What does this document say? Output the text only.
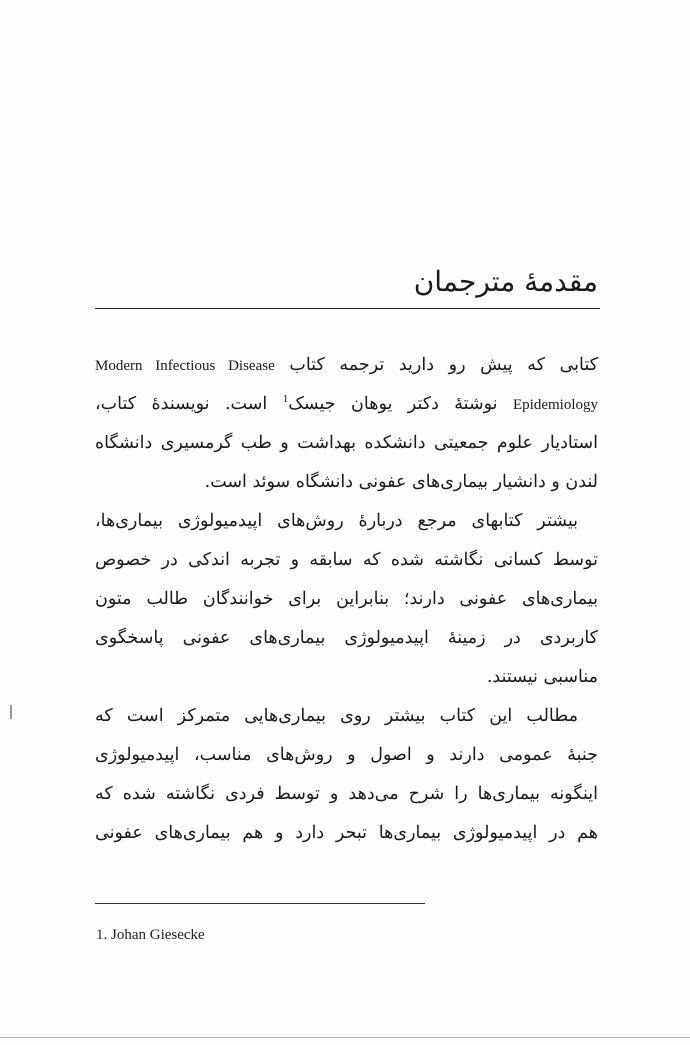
مقدمهٔ مترجمان
کتابی که پیش رو دارید ترجمه کتاب Modern Infectious Disease
Epidemiology نوشتهٔ دکتر یوهان جیسک$^1$ است. نویسندهٔ کتاب،
استادیار علوم جمعیتی دانشکده بهداشت و طب گرمسیری دانشگاه
لندن و دانشیار بیماری‌های عفونی دانشگاه سوئد است.
بیشتر کتابهای مرجع دربارهٔ روش‌های اپیدمیولوژی بیماری‌ها،
توسط کسانی نگاشته شده که سابقه و تجربه اندکی در خصوص
بیماری‌های عفونی دارند؛ بنابراین برای خوانندگان طالب متون
کاربردی در زمینهٔ اپیدمیولوژی بیماری‌های عفونی پاسخگوی
مناسبی نیستند.
مطالب این کتاب بیشتر روی بیماری‌هایی متمرکز است که
جنبهٔ عمومی دارند و اصول و روش‌های مناسب، اپیدمیولوژی
اینگونه بیماری‌ها را شرح می‌دهد و توسط فردی نگاشته شده که
هم در اپیدمیولوژی بیماری‌ها تبحر دارد و هم بیماری‌های عفونی
1. Johan Giesecke
